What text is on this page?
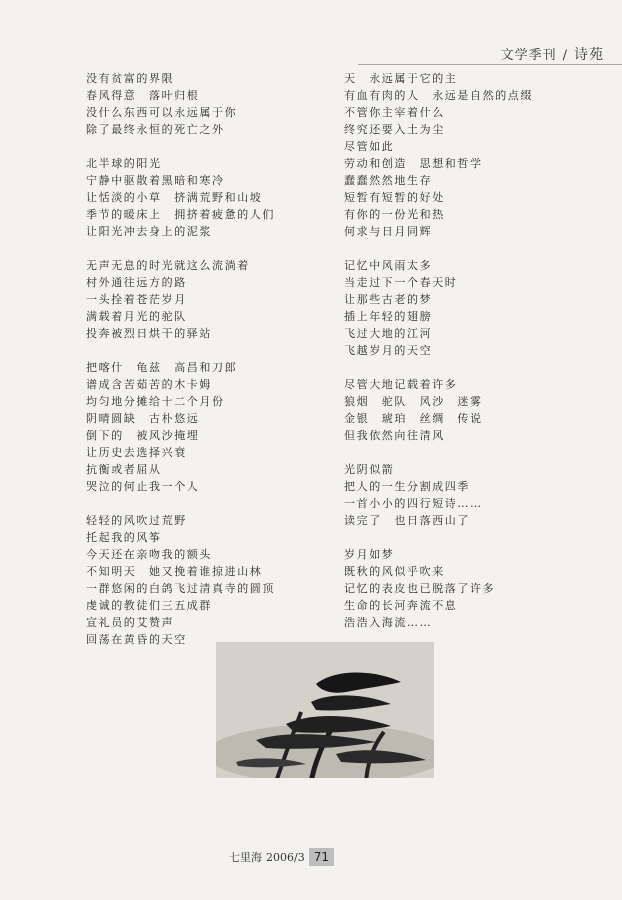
文学季刊 / 诗苑
没有贫富的界限
春风得意　落叶归根
没什么东西可以永远属于你
除了最终永恒的死亡之外
北半球的阳光
宁静中驱散着黑暗和寒冷
让恬淡的小草　挤满荒野和山坡
季节的暖床上　拥挤着疲惫的人们
让阳光冲去身上的泥浆
无声无息的时光就这么流淌着
村外通往远方的路
一头拴着苍茫岁月
满载着月光的驼队
投奔被烈日烘干的驿站
把喀什　龟兹　高昌和刀郎
谱成含苦茹苦的木卡姆
均匀地分摊给十二个月份
阴晴圆缺　古朴悠远
倒下的　被风沙掩埋
让历史去选择兴衰
抗衡或者屈从
哭泣的何止我一个人
轻轻的风吹过荒野
托起我的风筝
今天还在亲吻我的额头
不知明天　她又挽着谁掠进山林
一群悠闲的白鸽飞过清真寺的圆顶
虔诚的教徒们三五成群
宣礼员的艾赞声
回荡在黄昏的天空
天　永远属于它的主
有血有肉的人　永远是自然的点缀
不管你主宰着什么
终究还要入土为尘
尽管如此
劳动和创造　思想和哲学
蠢蠢然然地生存
短暂有短暂的好处
有你的一份光和热
何求与日月同辉
记忆中风雨太多
当走过下一个春天时
让那些古老的梦
插上年轻的翅膀
飞过大地的江河
飞越岁月的天空
尽管大地记载着许多
狼烟　驼队　风沙　迷雾
金银　琥珀　丝绸　传说
但我依然向往清风
光阴似箭
把人的一生分割成四季
一首小小的四行短诗……
读完了　也日落西山了
岁月如梦
既秋的风似乎吹来
记忆的表皮也已脱落了许多
生命的长河奔流不息
浩浩入海流……
七里海 2006/3 71
